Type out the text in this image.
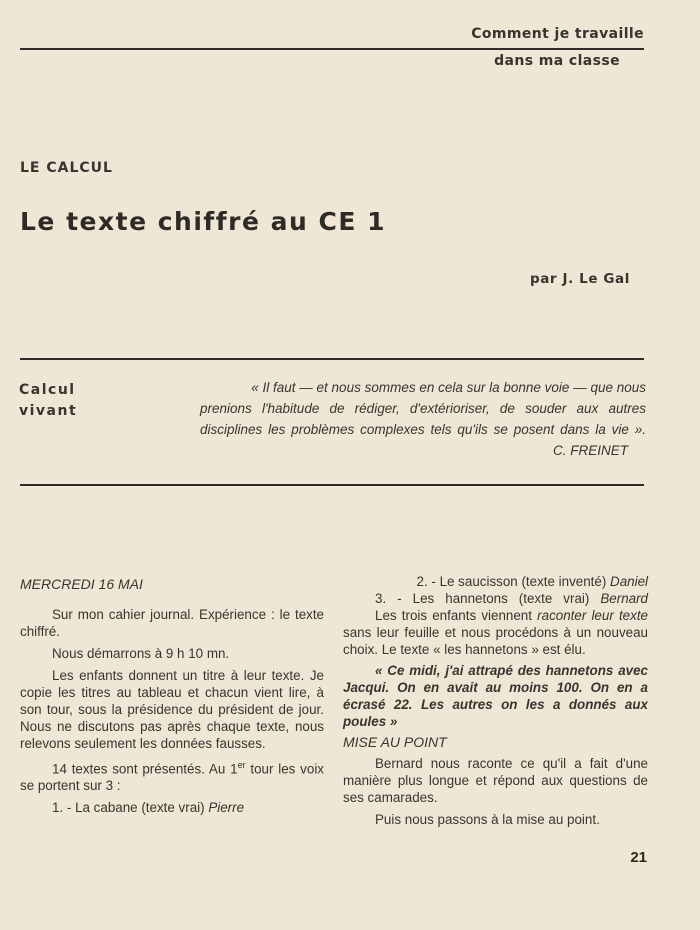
Comment je travaille
dans ma classe
LE CALCUL
Le texte chiffré au CE 1
par J. Le Gal
Calcul
vivant
« Il faut — et nous sommes en cela sur la bonne voie — que nous
prenions l'habitude de rédiger, d'extérioriser, de souder aux autres
disciplines les problèmes complexes tels qu'ils se posent dans la vie ».
C. FREINET

MERCREDI 16 MAI

Sur mon cahier journal. Expérience : le texte chiffré.

Nous démarrons à 9 h 10 mn.

Les enfants donnent un titre à leur texte. Je copie les titres au tableau et chacun vient lire, à son tour, sous la présidence du président de jour. Nous ne discutons pas après chaque texte, nous relevons seulement les données fausses.

14 textes sont présentés. Au 1er tour les voix se portent sur 3 :

1. - La cabane (texte vrai) Pierre

2. - Le saucisson (texte inventé) Daniel

3. - Les hannetons (texte vrai) Bernard

Les trois enfants viennent raconter leur texte sans leur feuille et nous procédons à un nouveau choix. Le texte « les hannetons » est élu.

« Ce midi, j'ai attrapé des hannetons avec Jacqui. On en avait au moins 100. On en a écrasé 22. Les autres on les a donnés aux poules »

MISE AU POINT

Bernard nous raconte ce qu'il a fait d'une manière plus longue et répond aux questions de ses camarades.

Puis nous passons à la mise au point.

21
